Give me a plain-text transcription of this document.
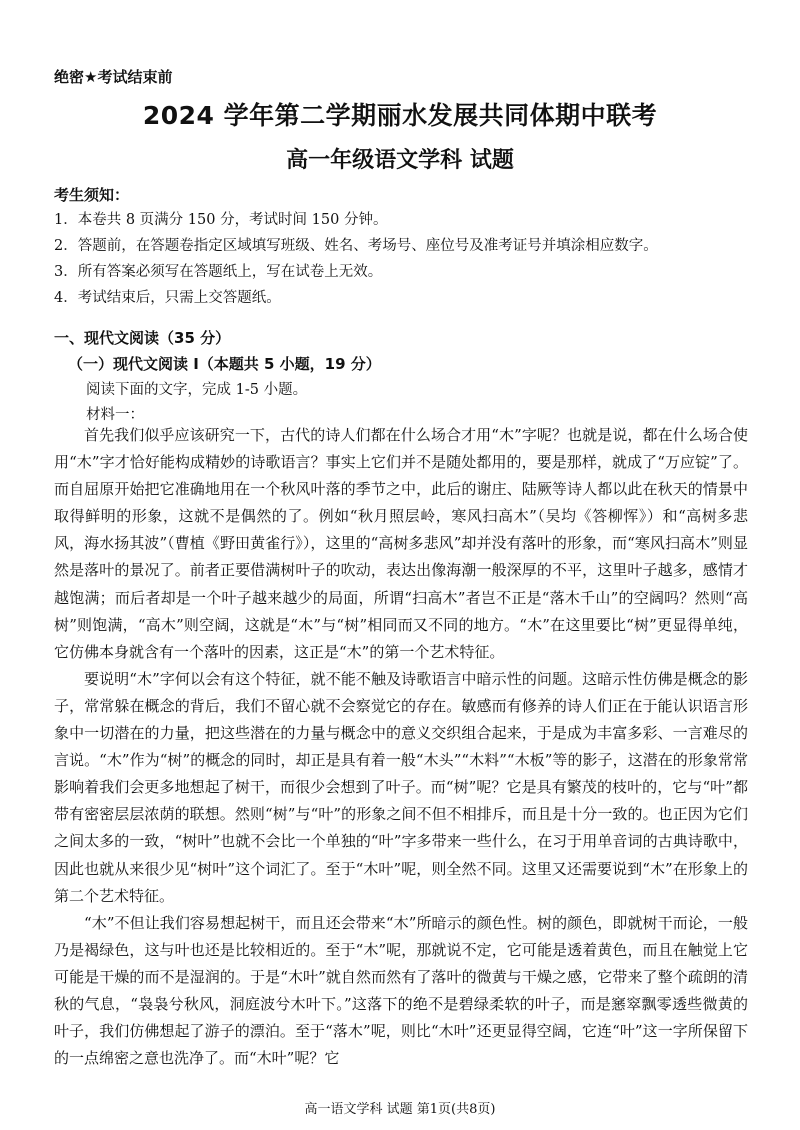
绝密★考试结束前
2024 学年第二学期丽水发展共同体期中联考
高一年级语文学科 试题
考生须知：
1．本卷共 8 页满分 150 分，考试时间 150 分钟。
2．答题前，在答题卷指定区域填写班级、姓名、考场号、座位号及准考证号并填涂相应数字。
3．所有答案必须写在答题纸上，写在试卷上无效。
4．考试结束后，只需上交答题纸。
一、现代文阅读（35 分）
（一）现代文阅读 I（本题共 5 小题，19 分）
阅读下面的文字，完成 1-5 小题。
材料一：

首先我们似乎应该研究一下，古代的诗人们都在什么场合才用“木”字呢？也就是说，都在什么场合使用“木”字才恰好能构成精妙的诗歌语言？事实上它们并不是随处都用的，要是那样，就成了“万应锭”了。而自屈原开始把它准确地用在一个秋风叶落的季节之中，此后的谢庄、陆厥等诗人都以此在秋天的情景中取得鲜明的形象，这就不是偶然的了。例如“秋月照层岭，寒风扫高木”（吴均《答柳恽》）和“高树多悲风，海水扬其波”（曹植《野田黄雀行》），这里的“高树多悲风”却并没有落叶的形象，而“寒风扫高木”则显然是落叶的景况了。前者正要借满树叶子的吹动，表达出像海潮一般深厚的不平，这里叶子越多，感情才越饱满；而后者却是一个叶子越来越少的局面，所谓“扫高木”者岂不正是“落木千山”的空阔吗？然则“高树”则饱满，“高木”则空阔，这就是“木”与“树”相同而又不同的地方。“木”在这里要比“树”更显得单纯，它仿佛本身就含有一个落叶的因素，这正是“木”的第一个艺术特征。

要说明“木”字何以会有这个特征，就不能不触及诗歌语言中暗示性的问题。这暗示性仿佛是概念的影子，常常躲在概念的背后，我们不留心就不会察觉它的存在。敏感而有修养的诗人们正在于能认识语言形象中一切潜在的力量，把这些潜在的力量与概念中的意义交织组合起来，于是成为丰富多彩、一言难尽的言说。“木”作为“树”的概念的同时，却正是具有着一般“木头”“木料”“木板”等的影子，这潜在的形象常常影响着我们会更多地想起了树干，而很少会想到了叶子。而“树”呢？它是具有繁茂的枝叶的，它与“叶”都带有密密层层浓荫的联想。然则“树”与“叶”的形象之间不但不相排斥，而且是十分一致的。也正因为它们之间太多的一致，“树叶”也就不会比一个单独的“叶”字多带来一些什么，在习于用单音词的古典诗歌中，因此也就从来很少见“树叶”这个词汇了。至于“木叶”呢，则全然不同。这里又还需要说到“木”在形象上的第二个艺术特征。

“木”不但让我们容易想起树干，而且还会带来“木”所暗示的颜色性。树的颜色，即就树干而论，一般乃是褐绿色，这与叶也还是比较相近的。至于“木”呢，那就说不定，它可能是透着黄色，而且在触觉上它可能是干燥的而不是湿润的。于是“木叶”就自然而然有了落叶的微黄与干燥之感，它带来了整个疏朗的清秋的气息，“袅袅兮秋风，洞庭波兮木叶下。”这落下的绝不是碧绿柔软的叶子，而是窸窣飘零透些微黄的叶子，我们仿佛想起了游子的漂泊。至于“落木”呢，则比“木叶”还更显得空阔，它连“叶”这一字所保留下的一点绵密之意也洗净了。而“木叶”呢？它

高一语文学科 试题 第1页(共8页)
